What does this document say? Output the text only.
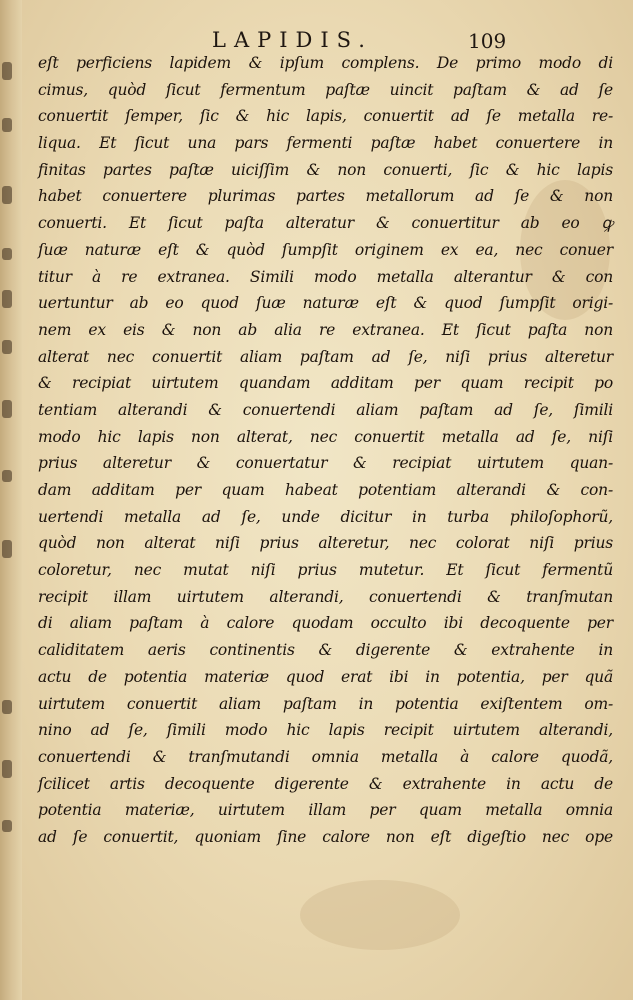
LAPIDIS.	109
eſt perficiens lapidem & ipſum complens. De primo modo di
cimus, quòd ſicut fermentum paſtæ uincit paſtam & ad ſe
conuertit ſemper, ſic & hic lapis, conuertit ad ſe metalla re-
liqua. Et ſicut una pars fermenti paſtæ habet conuertere in
finitas partes paſtæ uiciſſim & non conuerti, ſic & hic lapis
habet conuertere plurimas partes metallorum ad ſe & non
conuerti. Et ſicut paſta alteratur & conuertitur ab eo ꝙ
ſuæ naturæ eſt & quòd ſumpſit originem ex ea, nec conuer
titur à re extranea. Simili modo metalla alterantur & con
uertuntur ab eo quod ſuæ naturæ eſt & quod ſumpſit origi-
nem ex eis & non ab alia re extranea. Et ſicut paſta non
alterat nec conuertit aliam paſtam ad ſe, niſi prius alteretur
& recipiat uirtutem quandam additam per quam recipit po
tentiam alterandi & conuertendi aliam paſtam ad ſe, ſimili
modo hic lapis non alterat, nec conuertit metalla ad ſe, niſi
prius alteretur & conuertatur & recipiat uirtutem quan-
dam additam per quam habeat potentiam alterandi & con-
uertendi metalla ad ſe, unde dicitur in turba philoſophorũ,
quòd non alterat niſi prius alteretur, nec colorat niſi prius
coloretur, nec mutat niſi prius mutetur. Et ſicut fermentũ
recipit illam uirtutem alterandi, conuertendi & tranſmutan
di aliam paſtam à calore quodam occulto ibi decoquente per
caliditatem aeris continentis & digerente & extrahente in
actu de potentia materiæ quod erat ibi in potentia, per quã
uirtutem conuertit aliam paſtam in potentia exiſtentem om-
nino ad ſe, ſimili modo hic lapis recipit uirtutem alterandi,
conuertendi & tranſmutandi omnia metalla à calore quodã,
ſcilicet artis decoquente digerente & extrahente in actu de
potentia materiæ, uirtutem illam per quam metalla omnia
ad ſe conuertit, quoniam ſine calore non eſt digeſtio nec ope
